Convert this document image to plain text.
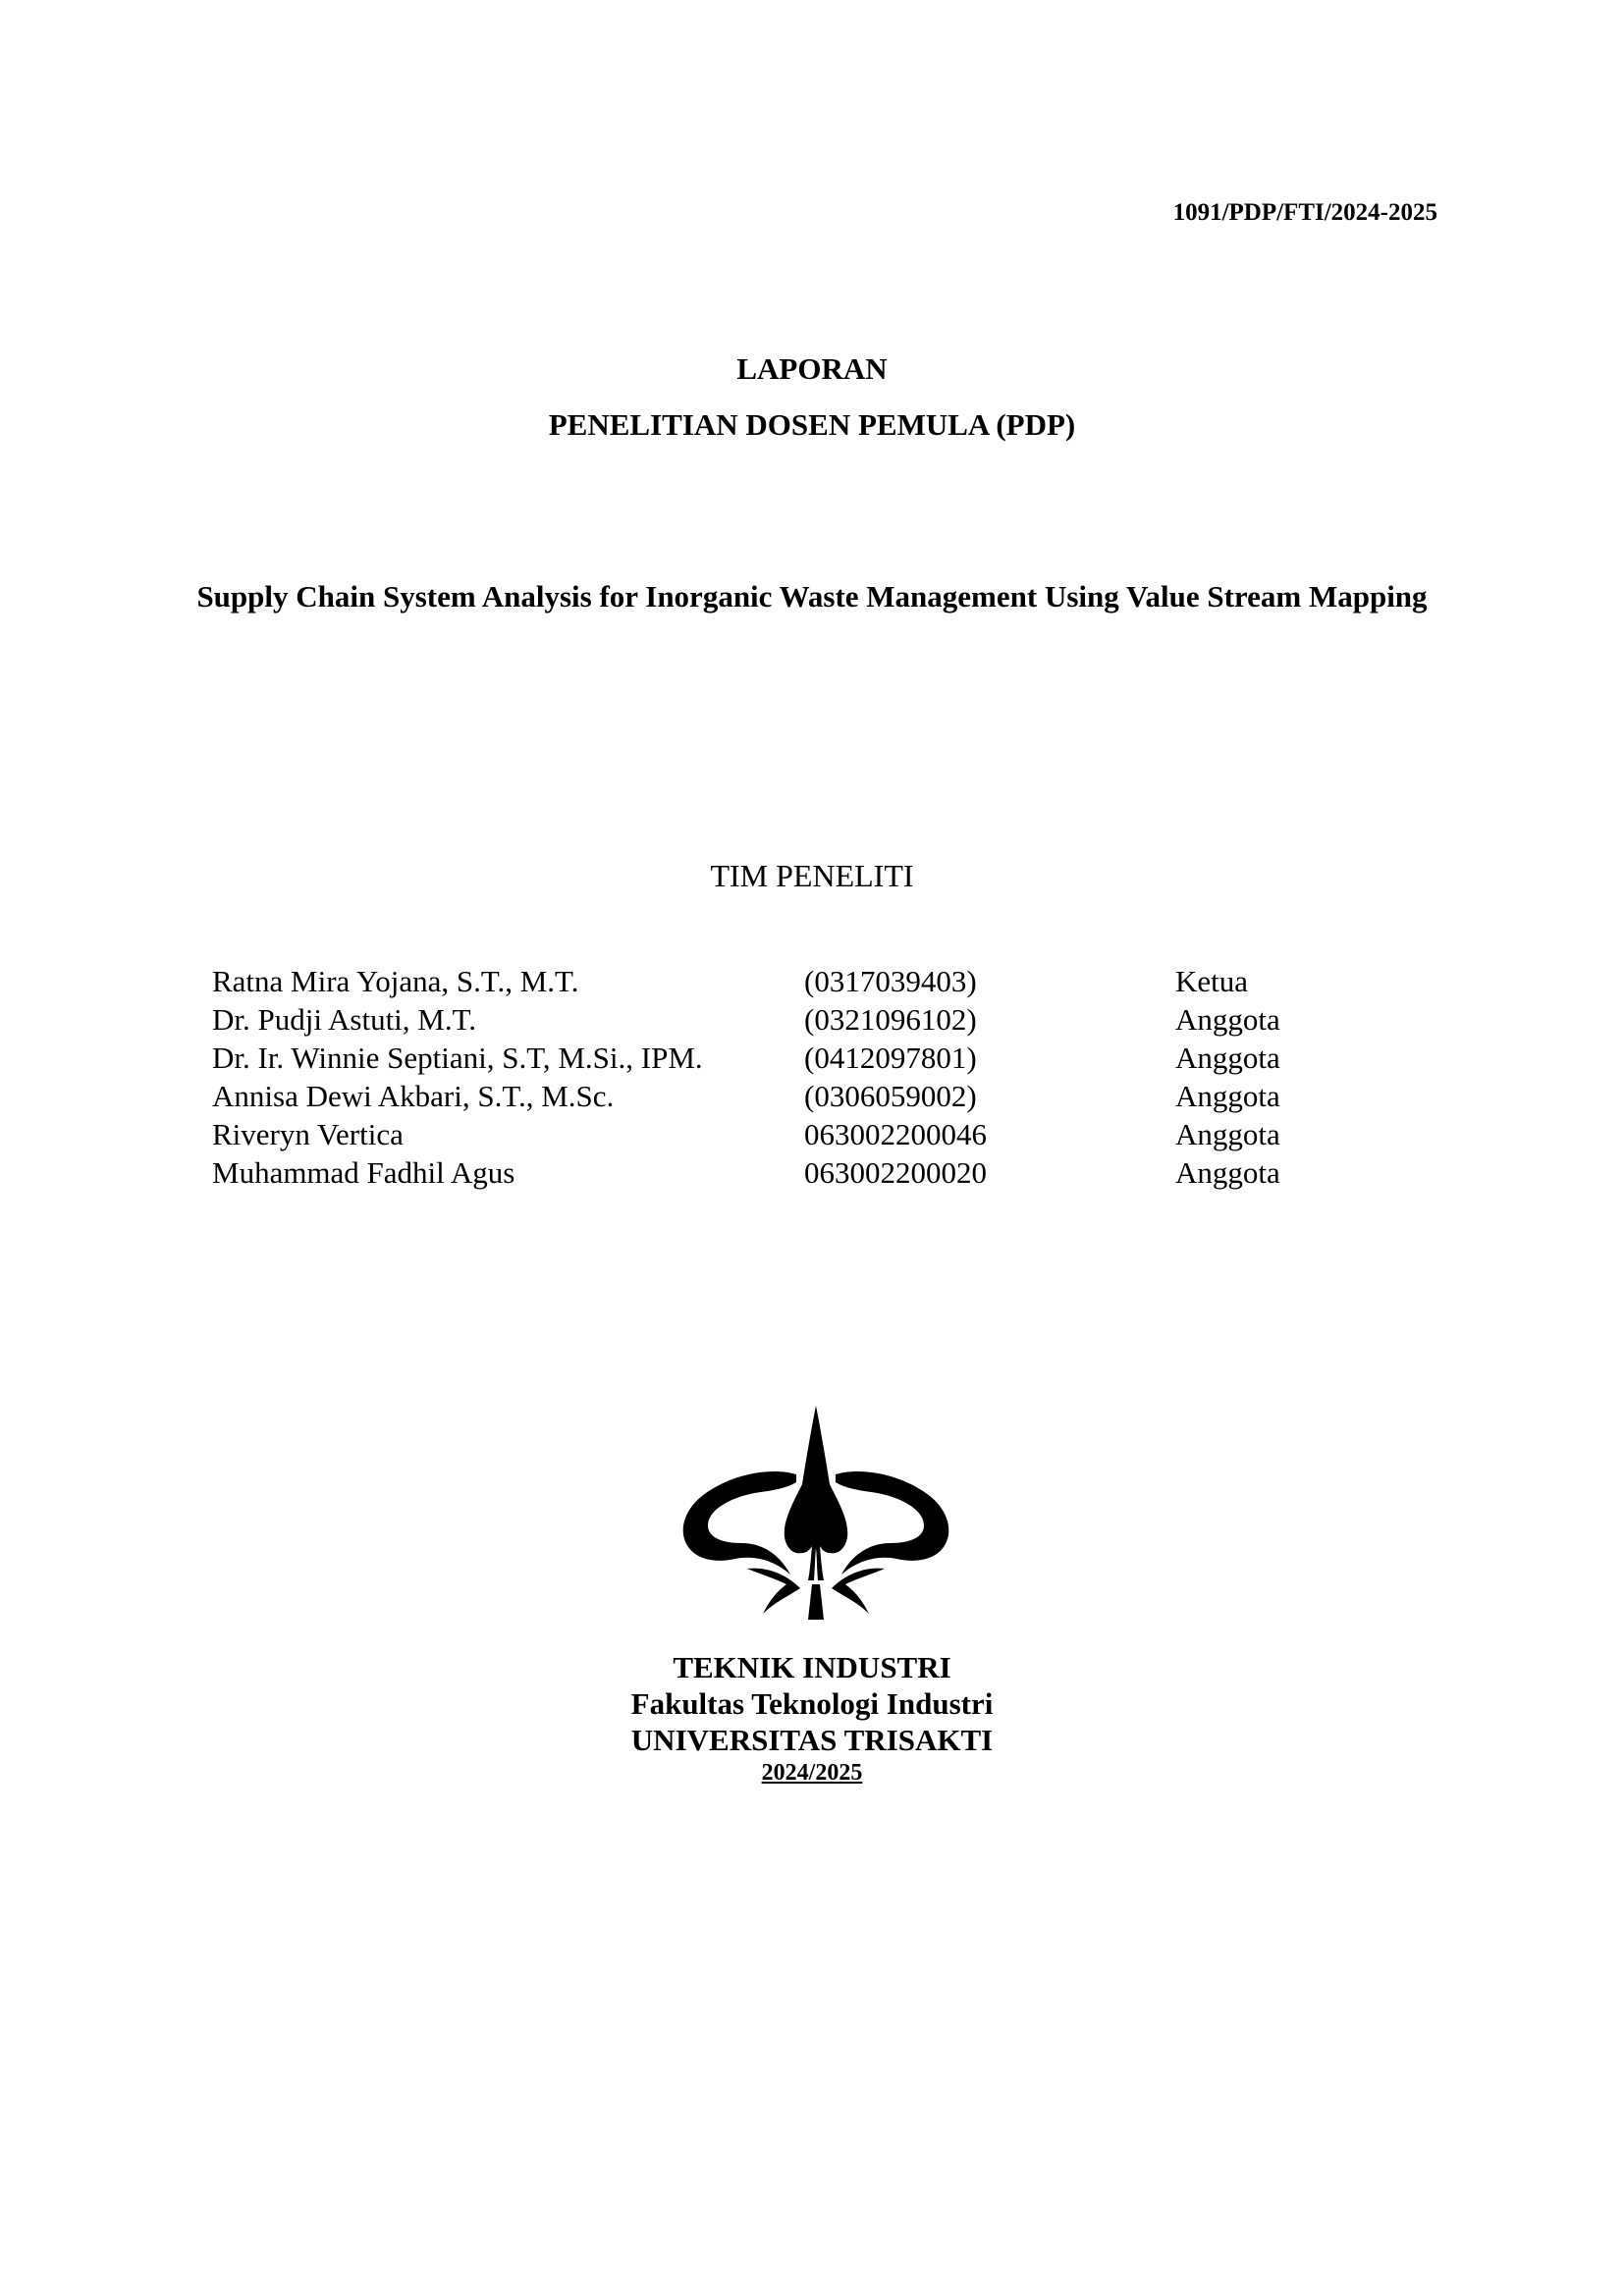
1091/PDP/FTI/2024-2025
LAPORAN
PENELITIAN DOSEN PEMULA (PDP)
Supply Chain System Analysis for Inorganic Waste Management Using Value Stream Mapping
TIM PENELITI
Ratna Mira Yojana, S.T., M.T.	(0317039403)	Ketua
Dr. Pudji Astuti, M.T.	(0321096102)	Anggota
Dr. Ir. Winnie Septiani, S.T, M.Si., IPM.	(0412097801)	Anggota
Annisa Dewi Akbari, S.T., M.Sc.	(0306059002)	Anggota
Riveryn Vertica	063002200046	Anggota
Muhammad Fadhil Agus	063002200020	Anggota
TEKNIK INDUSTRI
Fakultas Teknologi Industri
UNIVERSITAS TRISAKTI
2024/2025
